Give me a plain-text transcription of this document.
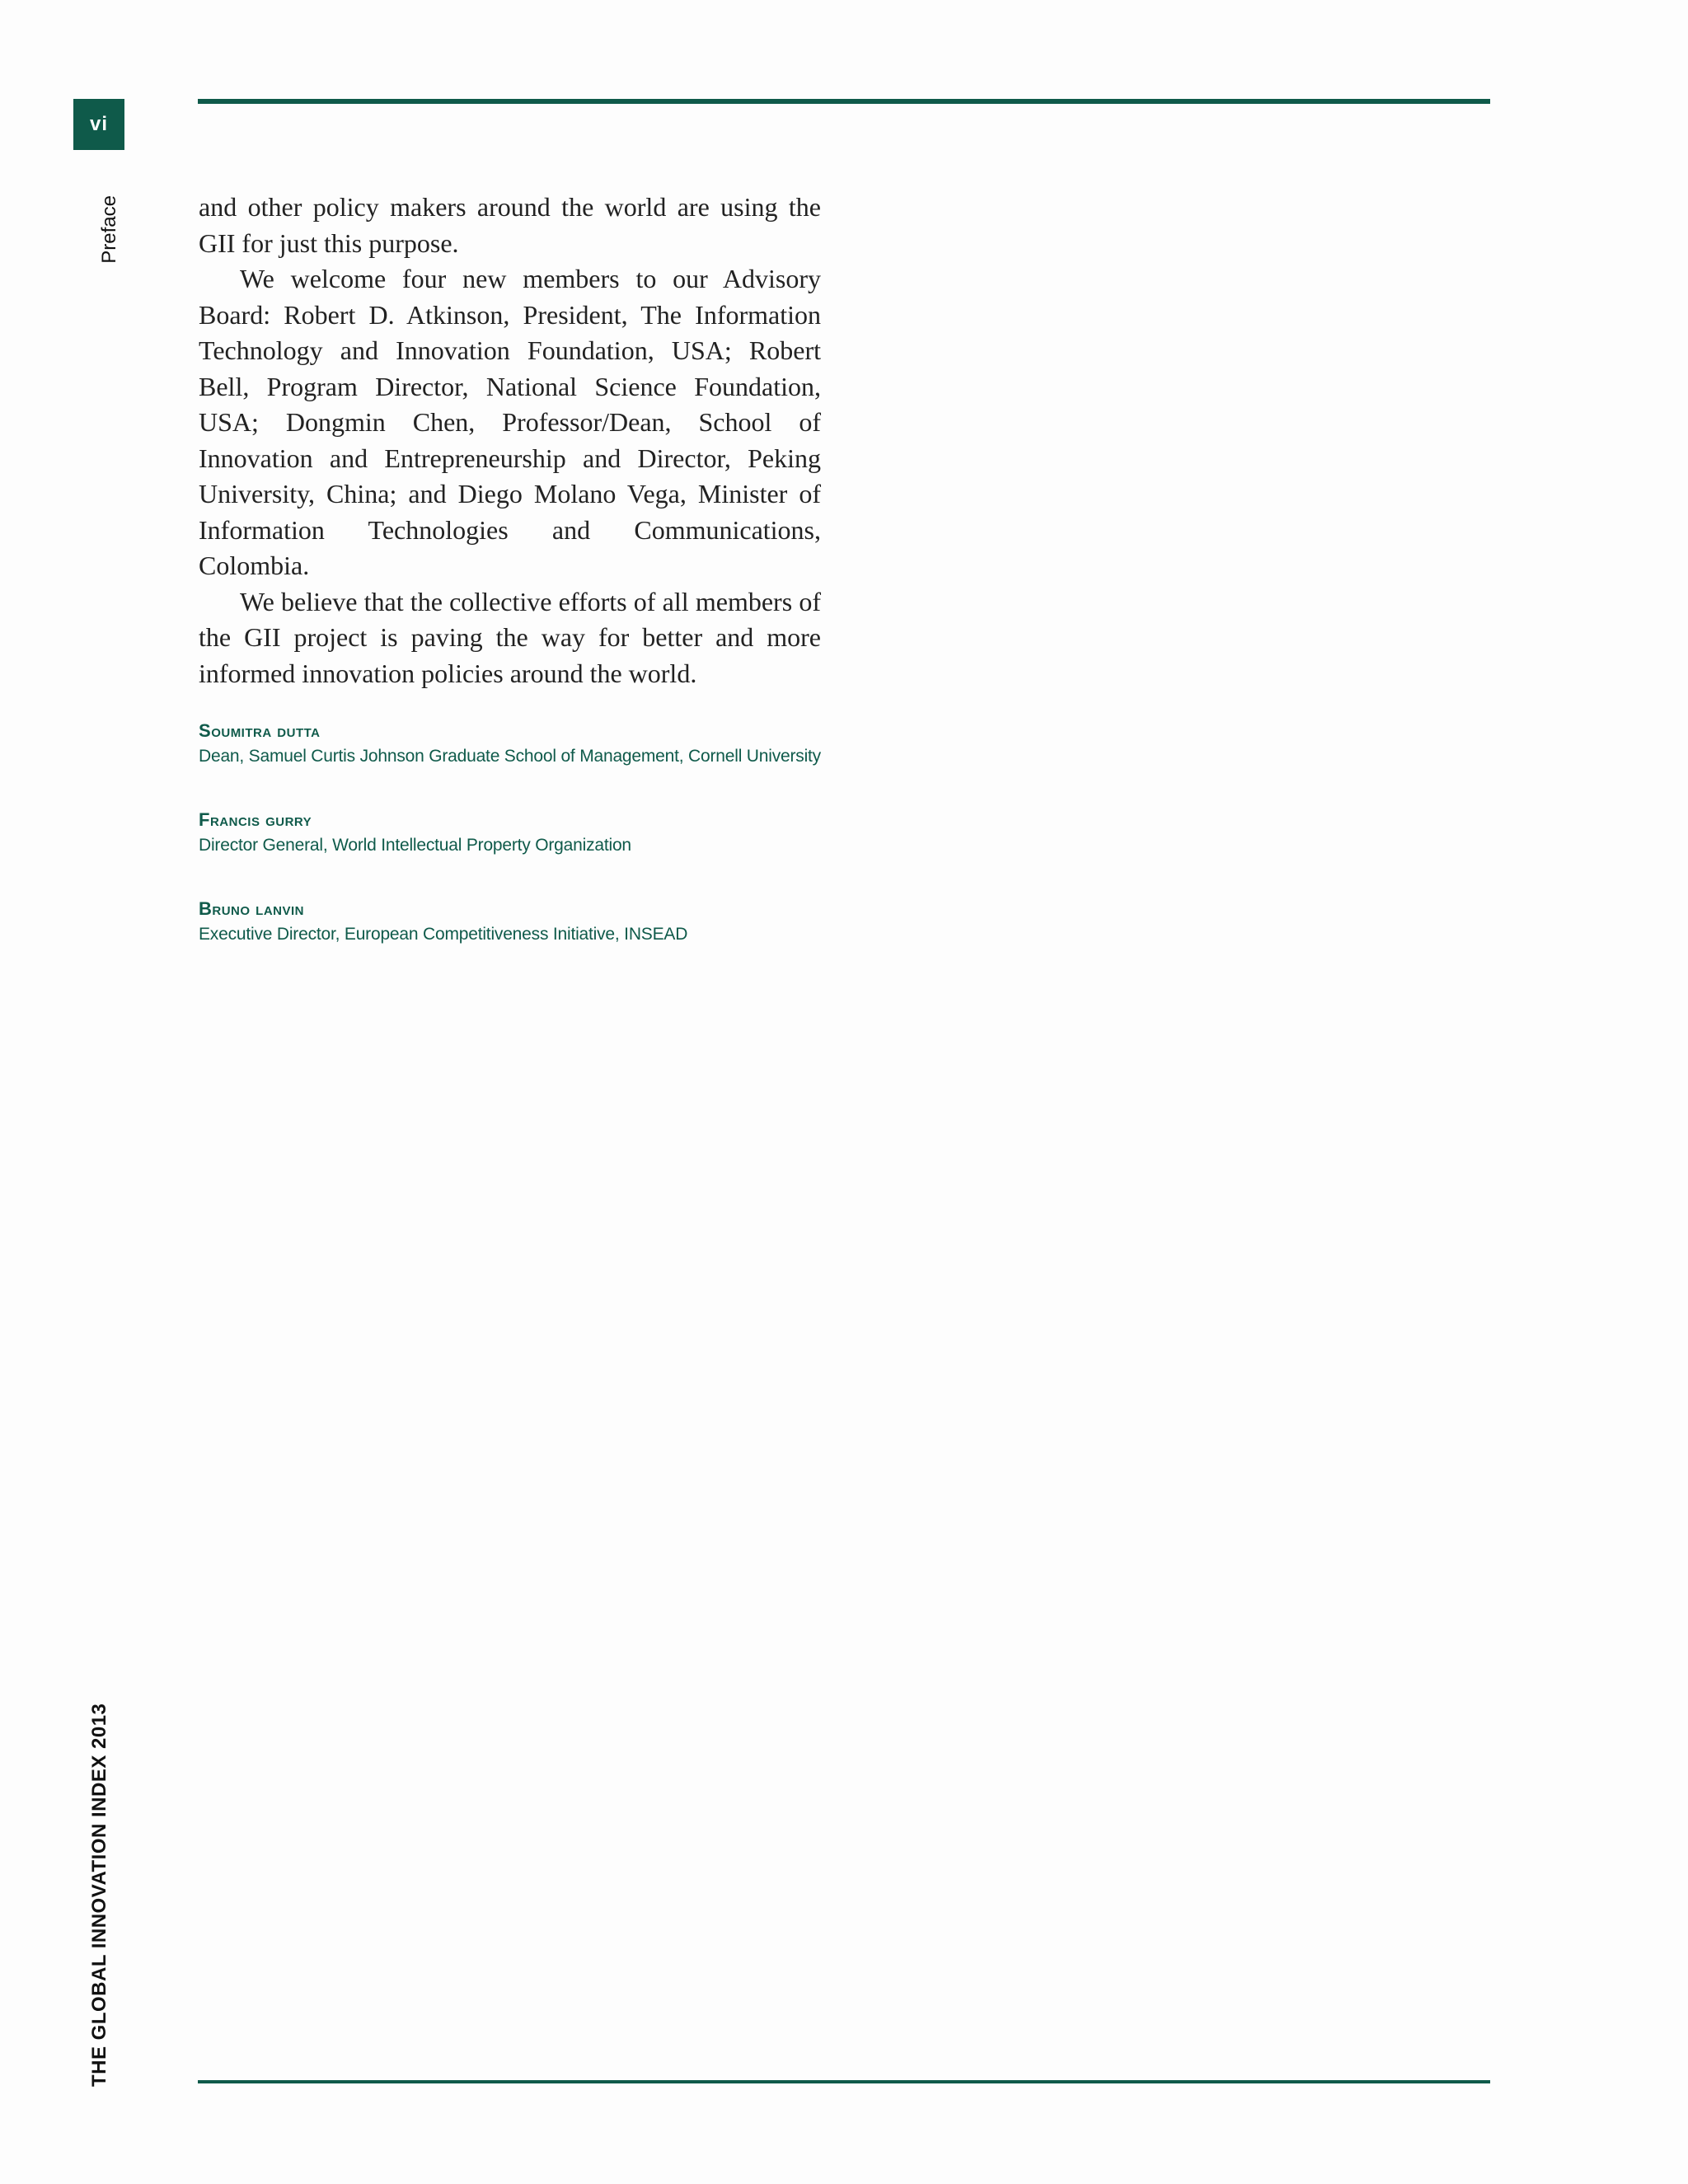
vi
Preface
THE GLOBAL INNOVATION INDEX 2013

and other policy makers around the world are using the GII for just this purpose.

We welcome four new members to our Advisory Board: Robert D. Atkinson, President, The Information Technology and Innovation Foundation, USA; Robert Bell, Program Director, National Science Foundation, USA; Dongmin Chen, Professor/Dean, School of Innovation and Entrepreneurship and Director, Peking University, China; and Diego Molano Vega, Minister of Information Technologies and Communications, Colombia.

We believe that the collective efforts of all members of the GII project is paving the way for better and more informed innovation policies around the world.

Soumitra dutta
Dean, Samuel Curtis Johnson Graduate School of Management, Cornell University
Francis gurry
Director General, World Intellectual Property Organization
Bruno lanvin
Executive Director, European Competitiveness Initiative, INSEAD
